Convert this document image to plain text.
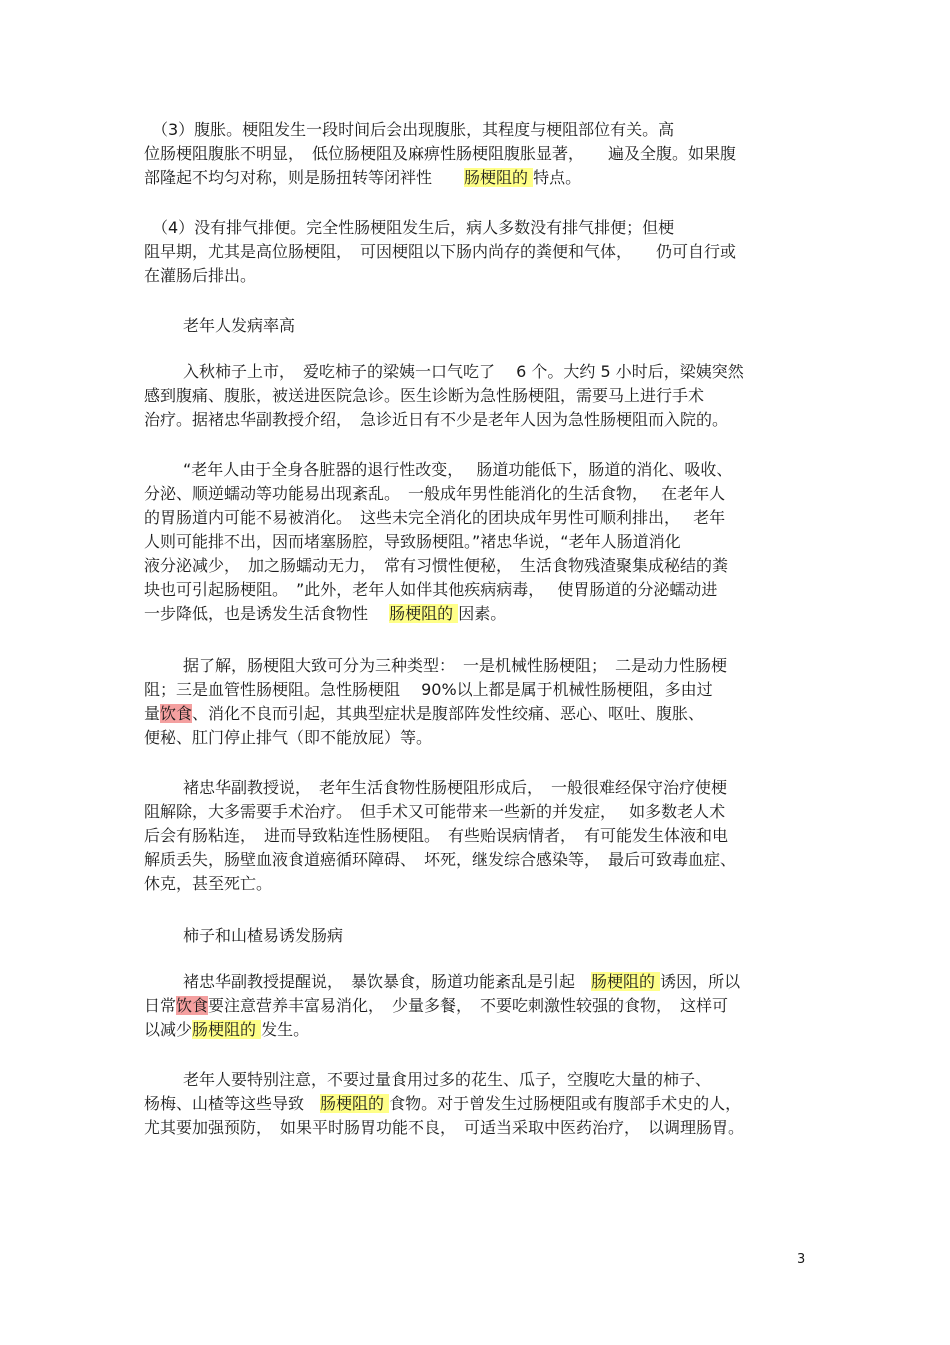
　（3）腹胀。梗阻发生一段时间后会出现腹胀，其程度与梗阻部位有关。高
位肠梗阻腹胀不明显，　低位肠梗阻及麻痹性肠梗阻腹胀显著，　　遍及全腹。如果腹
部隆起不均匀对称，则是肠扭转等闭袢性　　肠梗阻的 特点。
　（4）没有排气排便。完全性肠梗阻发生后，病人多数没有排气排便；但梗
阻早期，尤其是高位肠梗阻，　可因梗阻以下肠内尚存的粪便和气体，　　仍可自行或
在灌肠后排出。
老年人发病率高
入秋柿子上市，　爱吃柿子的梁姨一口气吃了　 6 个。大约 5 小时后，梁姨突然
感到腹痛、腹胀，被送进医院急诊。医生诊断为急性肠梗阻，需要马上进行手术
治疗。据褚忠华副教授介绍，　急诊近日有不少是老年人因为急性肠梗阻而入院的。
“老年人由于全身各脏器的退行性改变，　 肠道功能低下，肠道的消化、吸收、
分泌、顺逆蠕动等功能易出现紊乱。　一般成年男性能消化的生活食物，　 在老年人
的胃肠道内可能不易被消化。　这些未完全消化的团块成年男性可顺利排出，　 老年
人则可能排不出，因而堵塞肠腔，导致肠梗阻。”褚忠华说，“老年人肠道消化
液分泌减少，　加之肠蠕动无力，　常有习惯性便秘，　生活食物残渣聚集成秘结的粪
块也可引起肠梗阻。　”此外，老年人如伴其他疾病病毒，　 使胃肠道的分泌蠕动进
一步降低，也是诱发生活食物性　 肠梗阻的 因素。
据了解，肠梗阻大致可分为三种类型：　一是机械性肠梗阻；　二是动力性肠梗
阻；三是血管性肠梗阻。急性肠梗阻　 90%以上都是属于机械性肠梗阻，多由过
量饮食、消化不良而引起，其典型症状是腹部阵发性绞痛、恶心、呕吐、腹胀、
便秘、肛门停止排气（即不能放屁）等。
褚忠华副教授说，　老年生活食物性肠梗阻形成后，　一般很难经保守治疗使梗
阻解除，大多需要手术治疗。　但手术又可能带来一些新的并发症，　 如多数老人术
后会有肠粘连，　进而导致粘连性肠梗阻。　有些贻误病情者，　有可能发生体液和电
解质丢失，肠壁血液食道癌循环障碍、　坏死，继发综合感染等，　最后可致毒血症、
休克，甚至死亡。
柿子和山楂易诱发肠病
褚忠华副教授提醒说，　暴饮暴食，肠道功能紊乱是引起　肠梗阻的 诱因，所以
日常饮食要注意营养丰富易消化，　少量多餐，　不要吃刺激性较强的食物，　这样可
以减少肠梗阻的 发生。
老年人要特别注意，不要过量食用过多的花生、瓜子，空腹吃大量的柿子、
杨梅、山楂等这些导致　肠梗阻的 食物。对于曾发生过肠梗阻或有腹部手术史的人，
尤其要加强预防，　如果平时肠胃功能不良，　可适当采取中医药治疗，　以调理肠胃。
3
